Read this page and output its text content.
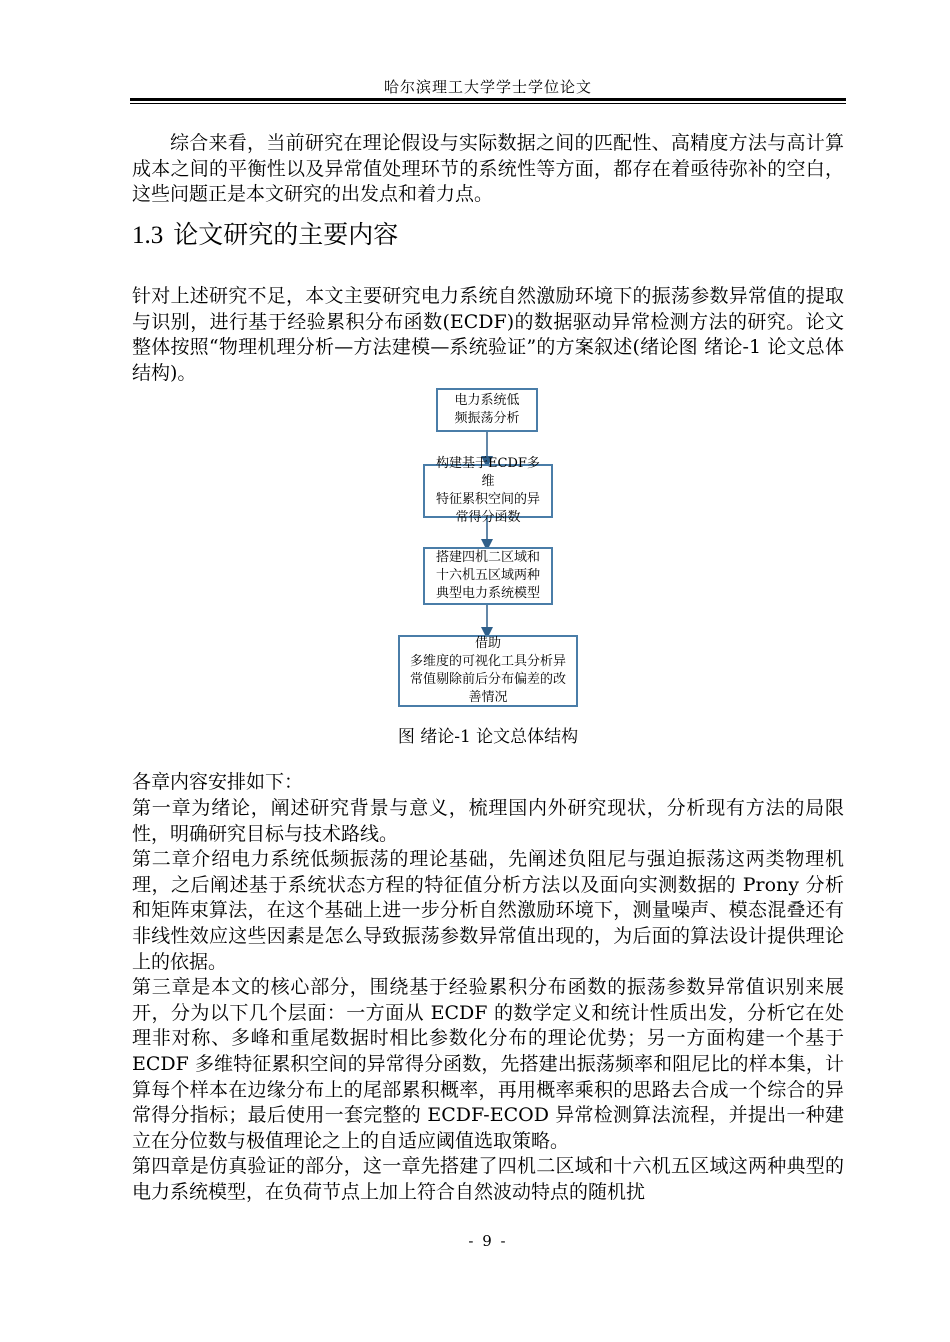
哈尔滨理工大学学士学位论文

综合来看，当前研究在理论假设与实际数据之间的匹配性、高精度方法与高计算成本之间的平衡性以及异常值处理环节的系统性等方面，都存在着亟待弥补的空白，这些问题正是本文研究的出发点和着力点。

1.3 论文研究的主要内容

针对上述研究不足，本文主要研究电力系统自然激励环境下的振荡参数异常值的提取与识别，进行基于经验累积分布函数(ECDF)的数据驱动异常检测方法的研究。论文整体按照“物理机理分析—方法建模—系统验证”的方案叙述(绪论图 绪论-1 论文总体结构)。

电力系统低
频振荡分析
构建基于ECDF多维
特征累积空间的异
常得分函数
搭建四机二区域和
十六机五区域两种
典型电力系统模型
借助
多维度的可视化工具分析异
常值剔除前后分布偏差的改
善情况
图 绪论-1 论文总体结构

各章内容安排如下：

第一章为绪论，阐述研究背景与意义，梳理国内外研究现状，分析现有方法的局限性，明确研究目标与技术路线。

第二章介绍电力系统低频振荡的理论基础，先阐述负阻尼与强迫振荡这两类物理机理，之后阐述基于系统状态方程的特征值分析方法以及面向实测数据的 Prony 分析和矩阵束算法，在这个基础上进一步分析自然激励环境下，测量噪声、模态混叠还有非线性效应这些因素是怎么导致振荡参数异常值出现的，为后面的算法设计提供理论上的依据。

第三章是本文的核心部分，围绕基于经验累积分布函数的振荡参数异常值识别来展开，分为以下几个层面：一方面从 ECDF 的数学定义和统计性质出发，分析它在处理非对称、多峰和重尾数据时相比参数化分布的理论优势；另一方面构建一个基于 ECDF 多维特征累积空间的异常得分函数，先搭建出振荡频率和阻尼比的样本集，计算每个样本在边缘分布上的尾部累积概率，再用概率乘积的思路去合成一个综合的异常得分指标；最后使用一套完整的 ECDF-ECOD 异常检测算法流程，并提出一种建立在分位数与极值理论之上的自适应阈值选取策略。

第四章是仿真验证的部分，这一章先搭建了四机二区域和十六机五区域这两种典型的电力系统模型，在负荷节点上加上符合自然波动特点的随机扰

- 9 -
